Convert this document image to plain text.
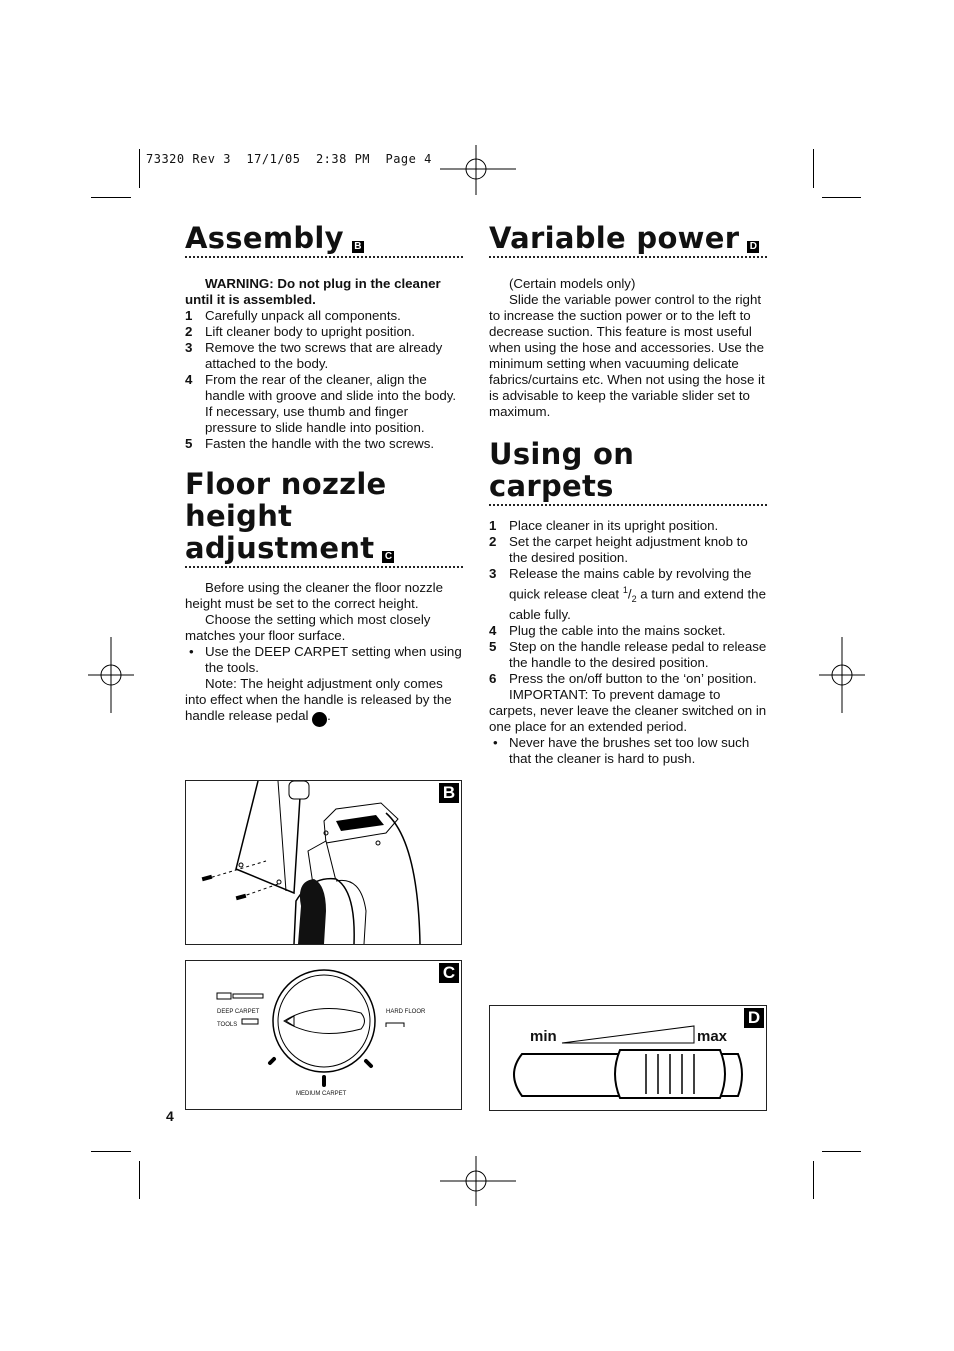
73320 Rev 3  17/1/05  2:38 PM  Page 4
Assembly B

WARNING: Do not plug in the cleaner until it is assembled.

1 Carefully unpack all components.
2 Lift cleaner body to upright position.
3 Remove the two screws that are already attached to the body.
4 From the rear of the cleaner, align the handle with groove and slide into the body. If necessary, use thumb and finger pressure to slide handle into position.
5 Fasten the handle with the two screws.
Floor nozzle height
adjustment C

Before using the cleaner the floor nozzle height must be set to the correct height.

Choose the setting which most closely matches your floor surface.

• Use the DEEP CARPET setting when using the tools.

Note: The height adjustment only comes into effect when the handle is released by the handle release pedal	16.

Variable power D

(Certain models only)

Slide the variable power control to the right to increase the suction power or to the left to decrease suction. This feature is most useful when using the hose and accessories. Use the minimum setting when vacuuming delicate fabrics/curtains etc. When not using the hose it is advisable to keep the variable slider set to maximum.

Using on carpets
1 Place cleaner in its upright position.
2 Set the carpet height adjustment knob to the desired position.
3 Release the mains cable by revolving the quick release cleat $^1/_2$ a turn and extend the cable fully.
4 Plug the cable into the mains socket.
5 Step on the handle release pedal to release the handle to the desired position.
6 Press the on/off button to the ‘on’ position.

IMPORTANT: To prevent damage to carpets, never leave the cleaner switched on in one place for an extended period.

• Never have the brushes set too low such that the cleaner is hard to push.
B
C
DEEP CARPET
TOOLS
HARD FLOOR
MEDIUM CARPET
D
min	max
4
